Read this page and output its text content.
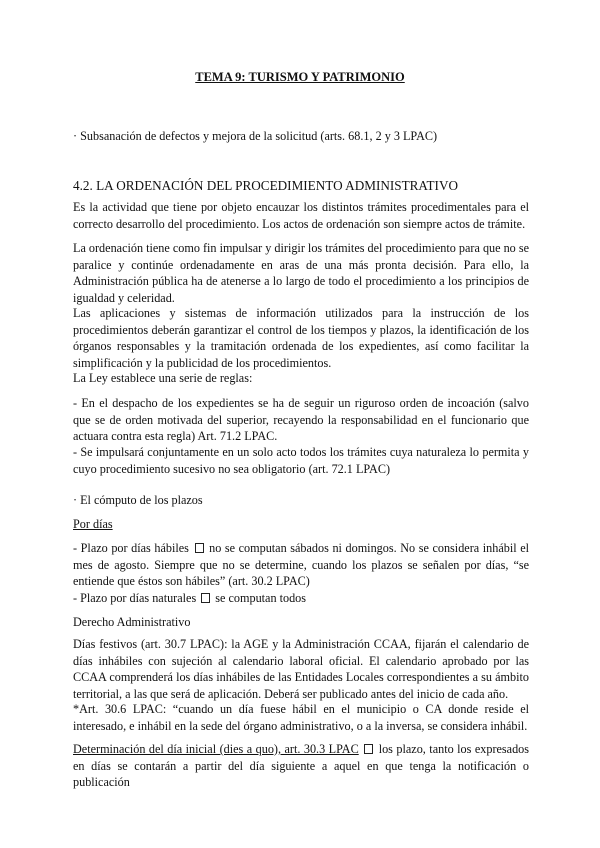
TEMA 9: TURISMO Y PATRIMONIO

· Subsanación de defectos y mejora de la solicitud (arts. 68.1, 2 y 3 LPAC)

4.2. LA ORDENACIÓN DEL PROCEDIMIENTO ADMINISTRATIVO

Es la actividad que tiene por objeto encauzar los distintos trámites procedimentales para el correcto desarrollo del procedimiento. Los actos de ordenación son siempre actos de trámite.

La ordenación tiene como fin impulsar y dirigir los trámites del procedimiento para que no se paralice y continúe ordenadamente en aras de una más pronta decisión. Para ello, la Administración pública ha de atenerse a lo largo de todo el procedimiento a los principios de igualdad y celeridad.

Las aplicaciones y sistemas de información utilizados para la instrucción de los procedimientos deberán garantizar el control de los tiempos y plazos, la identificación de los órganos responsables y la tramitación ordenada de los expedientes, así como facilitar la simplificación y la publicidad de los procedimientos.

La Ley establece una serie de reglas:

- En el despacho de los expedientes se ha de seguir un riguroso orden de incoación (salvo que se de orden motivada del superior, recayendo la responsabilidad en el funcionario que actuara contra esta regla) Art. 71.2 LPAC.

- Se impulsará conjuntamente en un solo acto todos los trámites cuya naturaleza lo permita y cuyo procedimiento sucesivo no sea obligatorio (art. 72.1 LPAC)

· El cómputo de los plazos

Por días

- Plazo por días hábiles no se computan sábados ni domingos. No se considera inhábil el mes de agosto. Siempre que no se determine, cuando los plazos se señalen por días, “se entiende que éstos son hábiles” (art. 30.2 LPAC)

- Plazo por días naturales se computan todos

Derecho Administrativo

Días festivos (art. 30.7 LPAC): la AGE y la Administración CCAA, fijarán el calendario de días inhábiles con sujeción al calendario laboral oficial. El calendario aprobado por las CCAA comprenderá los días inhábiles de las Entidades Locales correspondientes a su ámbito territorial, a las que será de aplicación. Deberá ser publicado antes del inicio de cada año.

*Art. 30.6 LPAC: “cuando un día fuese hábil en el municipio o CA donde reside el interesado, e inhábil en la sede del órgano administrativo, o a la inversa, se considera inhábil.

Determinación del día inicial (dies a quo), art. 30.3 LPAC los plazo, tanto los expresados en días se contarán a partir del día siguiente a aquel en que tenga la notificación o publicación
